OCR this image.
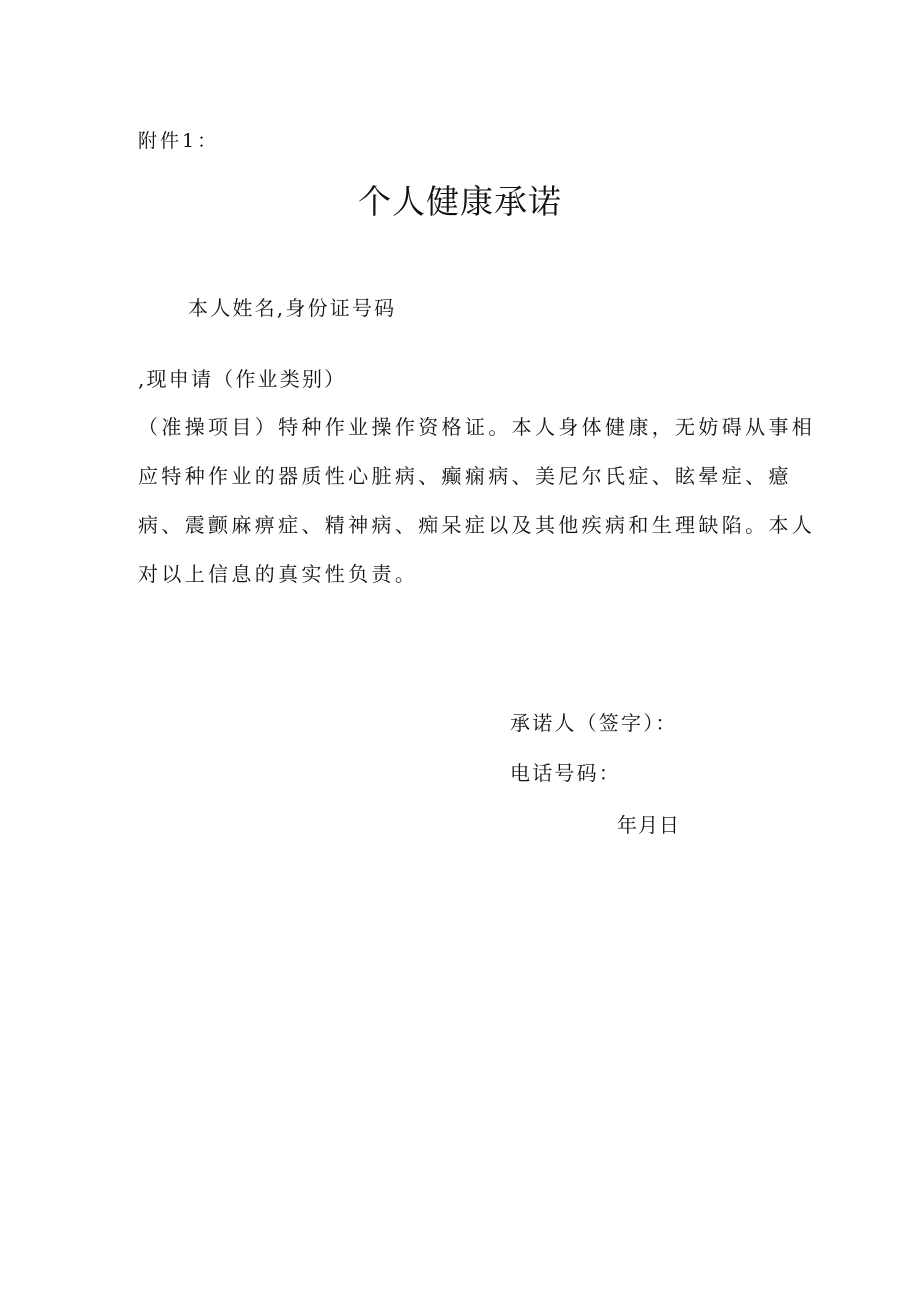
附件1：

个人健康承诺

本人姓名,身份证号码

,现申请（作业类别）

（准操项目）特种作业操作资格证。本人身体健康，无妨碍从事相

应特种作业的器质性心脏病、癫痫病、美尼尔氏症、眩晕症、癔

病、震颤麻痹症、精神病、痴呆症以及其他疾病和生理缺陷。本人

对以上信息的真实性负责。

承诺人（签字）：

电话号码：

年月日
